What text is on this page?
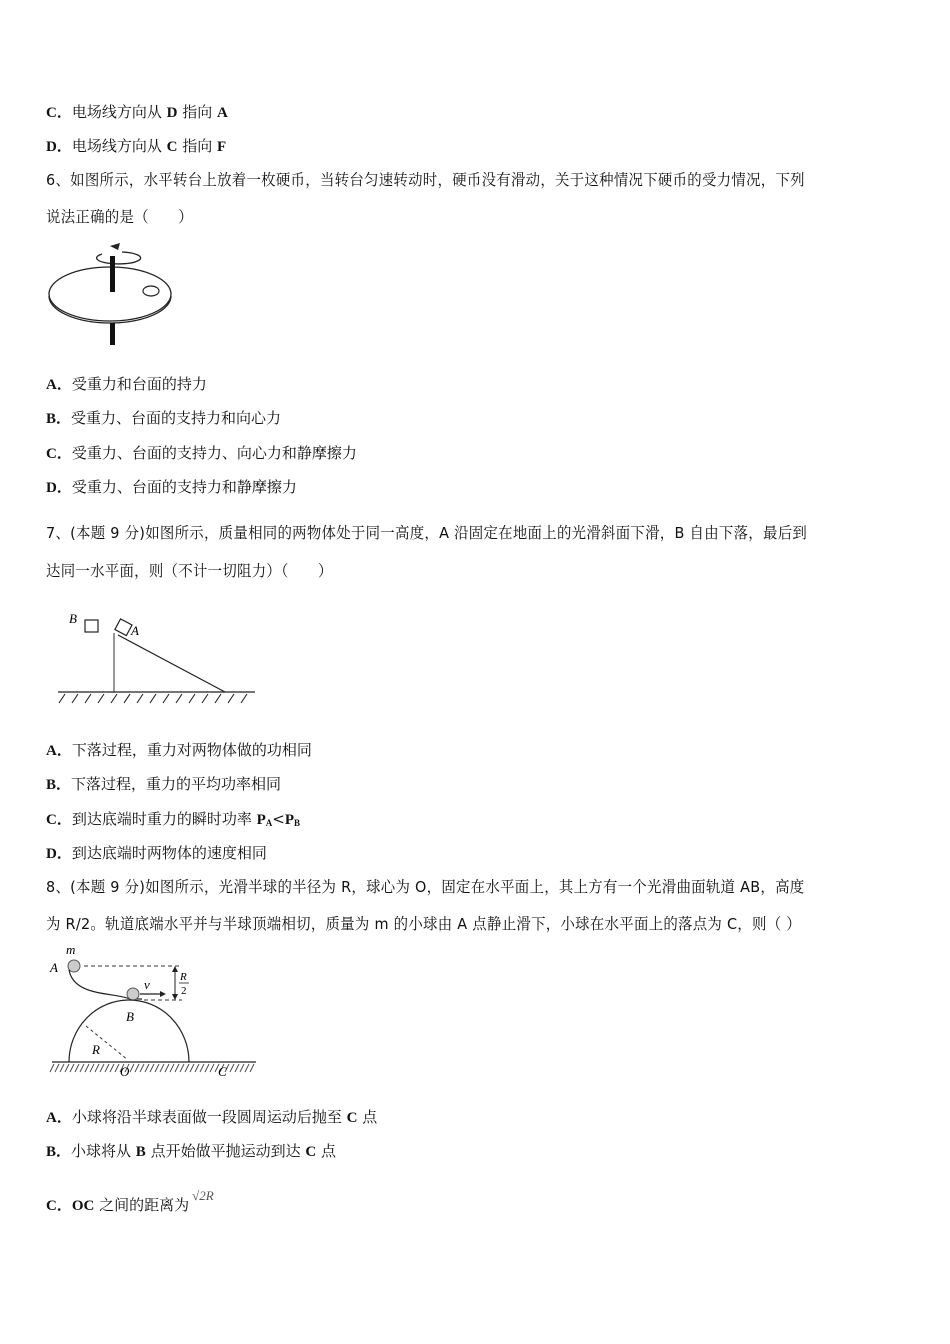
C．电场线方向从 D 指向 A
D．电场线方向从 C 指向 F
6、如图所示，水平转台上放着一枚硬币，当转台匀速转动时，硬币没有滑动，关于这种情况下硬币的受力情况，下列
说法正确的是（　　）
A．受重力和台面的持力
B．受重力、台面的支持力和向心力
C．受重力、台面的支持力、向心力和静摩擦力
D．受重力、台面的支持力和静摩擦力
7、(本题 9 分)如图所示，质量相同的两物体处于同一高度，A 沿固定在地面上的光滑斜面下滑，B 自由下落，最后到
达同一水平面，则（不计一切阻力）（　　）
B
A
A．下落过程，重力对两物体做的功相同
B．下落过程，重力的平均功率相同
C．到达底端时重力的瞬时功率 $P_A<P_B$
D．到达底端时两物体的速度相同
8、(本题 9 分)如图所示，光滑半球的半径为 R，球心为 O，固定在水平面上，其上方有一个光滑曲面轨道 AB，高度
为 R/2。轨道底端水平并与半球顶端相切，质量为 m 的小球由 A 点静止滑下，小球在水平面上的落点为 C，则（ ）
m
A
v	R
2
B
R
O	C
A．小球将沿半球表面做一段圆周运动后抛至 C 点
B．小球将从 B 点开始做平抛运动到达 C 点
C．OC 之间的距离为√2R
